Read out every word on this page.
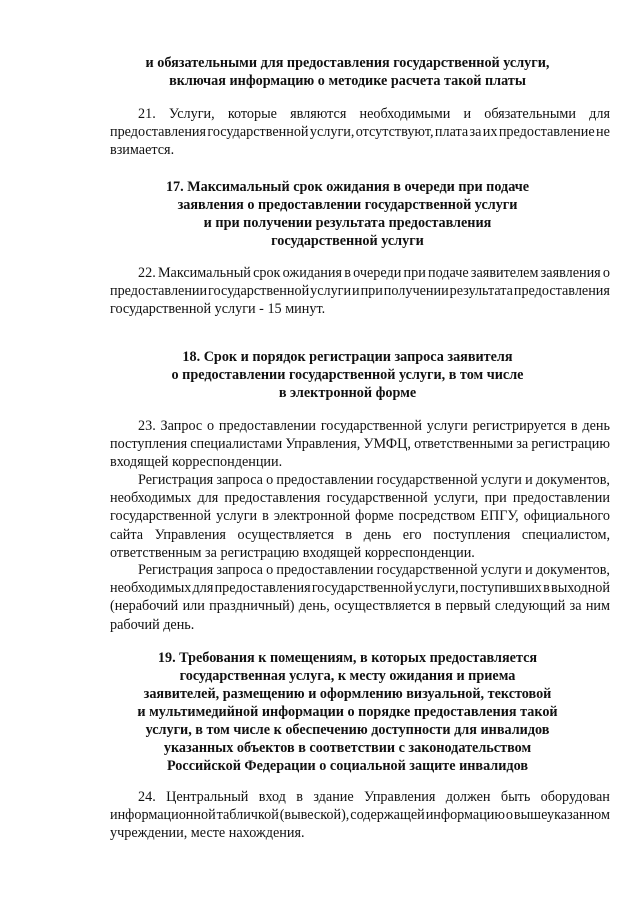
и обязательными для предоставления государственной услуги,
включая информацию о методике расчета такой платы
21. Услуги, которые являются необходимыми и обязательными для
предоставления государственной услуги, отсутствуют, плата за их предоставление не
взимается.
17. Максимальный срок ожидания в очереди при подаче
заявления о предоставлении государственной услуги
и при получении результата предоставления
государственной услуги
22. Максимальный срок ожидания в очереди при подаче заявителем заявления о
предоставлении государственной услуги и при получении результата предоставления
государственной услуги - 15 минут.
18. Срок и порядок регистрации запроса заявителя
о предоставлении государственной услуги, в том числе
в электронной форме
23. Запрос о предоставлении государственной услуги регистрируется в день
поступления специалистами Управления, УМФЦ, ответственными за регистрацию
входящей корреспонденции.
Регистрация запроса о предоставлении государственной услуги и документов,
необходимых для предоставления государственной услуги, при предоставлении
государственной услуги в электронной форме посредством ЕПГУ, официального
сайта Управления осуществляется в день его поступления специалистом,
ответственным за регистрацию входящей корреспонденции.
Регистрация запроса о предоставлении государственной услуги и документов,
необходимых для предоставления государственной услуги, поступивших в выходной
(нерабочий или праздничный) день, осуществляется в первый следующий за ним
рабочий день.
19. Требования к помещениям, в которых предоставляется
государственная услуга, к месту ожидания и приема
заявителей, размещению и оформлению визуальной, текстовой
и мультимедийной информации о порядке предоставления такой
услуги, в том числе к обеспечению доступности для инвалидов
указанных объектов в соответствии с законодательством
Российской Федерации о социальной защите инвалидов
24. Центральный вход в здание Управления должен быть оборудован
информационной табличкой (вывеской), содержащей информацию о вышеуказанном
учреждении, месте нахождения.
